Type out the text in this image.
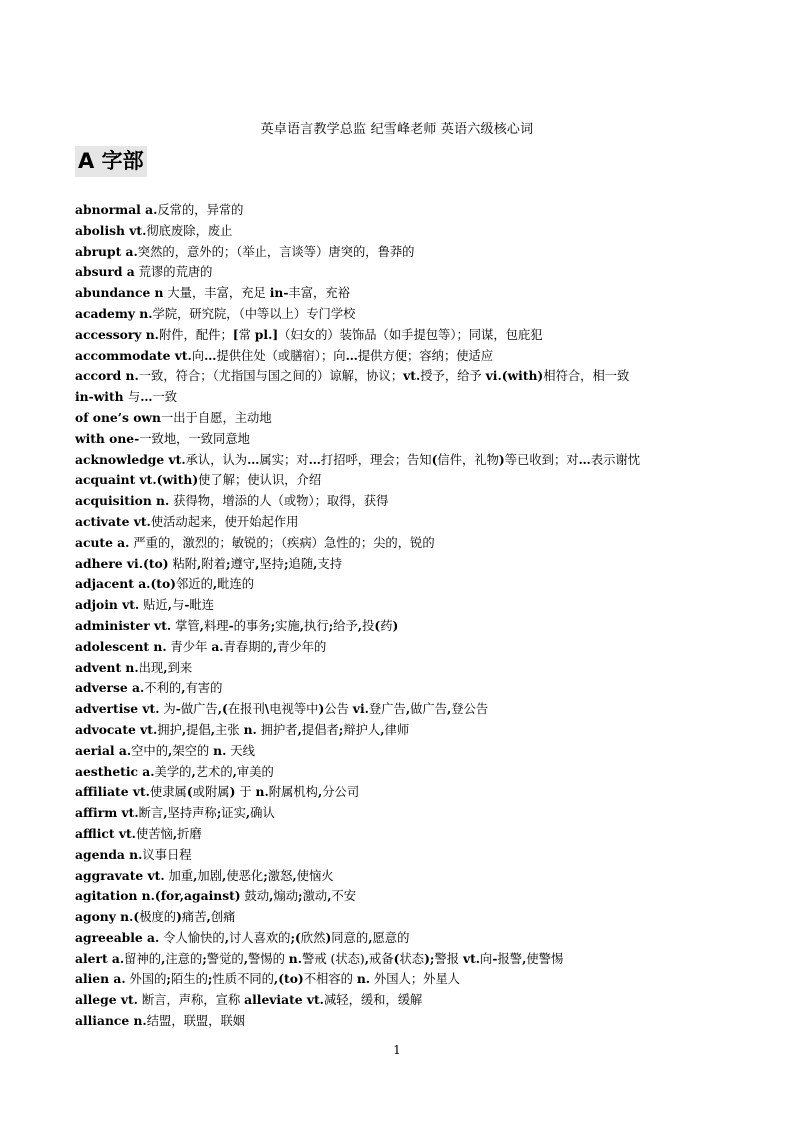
英卓语言教学总监 纪雪峰老师 英语六级核心词
A 字部
abnormal a.反常的，异常的
abolish vt.彻底废除，废止
abrupt a.突然的，意外的；（举止，言谈等）唐突的，鲁莽的
absurd a 荒谬的荒唐的
abundance n 大量，丰富，充足 in-丰富，充裕
academy n.学院，研究院，（中等以上）专门学校
accessory n.附件，配件；[常 pl.]（妇女的）装饰品（如手提包等）；同谋，包庇犯
accommodate vt.向…提供住处（或膳宿）；向…提供方便；容纳；使适应
accord n.一致，符合；（尤指国与国之间的）谅解，协议；vt.授予，给予 vi.(with)相符合，相一致
in-with 与…一致
of one’s own一出于自愿，主动地
with one-一致地，一致同意地
acknowledge vt.承认，认为…属实；对…打招呼，理会；告知(信件，礼物)等已收到；对…表示谢忱
acquaint vt.(with)使了解；使认识，介绍
acquisition n. 获得物，增添的人（或物）；取得，获得
activate vt.使活动起来，使开始起作用
acute a. 严重的，激烈的；敏锐的；（疾病）急性的；尖的，锐的
adhere vi.(to) 粘附,附着;遵守,坚持;追随,支持
adjacent a.(to)邻近的,毗连的
adjoin vt. 贴近,与-毗连
administer vt. 掌管,料理-的事务;实施,执行;给予,投(药)
adolescent n. 青少年 a.青春期的,青少年的
advent n.出现,到来
adverse a.不利的,有害的
advertise vt. 为-做广告,(在报刊\电视等中)公告 vi.登广告,做广告,登公告
advocate vt.拥护,提倡,主张 n. 拥护者,提倡者;辩护人,律师
aerial a.空中的,架空的 n. 天线
aesthetic a.美学的,艺术的,审美的
affiliate vt.使隶属(或附属) 于 n.附属机构,分公司
affirm vt.断言,坚持声称;证实,确认
afflict vt.使苦恼,折磨
agenda n.议事日程
aggravate vt. 加重,加剧,使恶化;激怒,使恼火
agitation n.(for,against) 鼓动,煽动;激动,不安
agony n.(极度的)痛苦,创痛
agreeable a. 令人愉快的,讨人喜欢的;(欣然)同意的,愿意的
alert a.留神的,注意的;警觉的,警惕的 n.警戒 (状态),戒备(状态);警报 vt.向-报警,使警惕
alien a. 外国的;陌生的;性质不同的,(to)不相容的 n. 外国人；外星人
allege vt. 断言，声称，宣称 alleviate vt.减轻，缓和，缓解
alliance n.结盟，联盟，联姻
1
